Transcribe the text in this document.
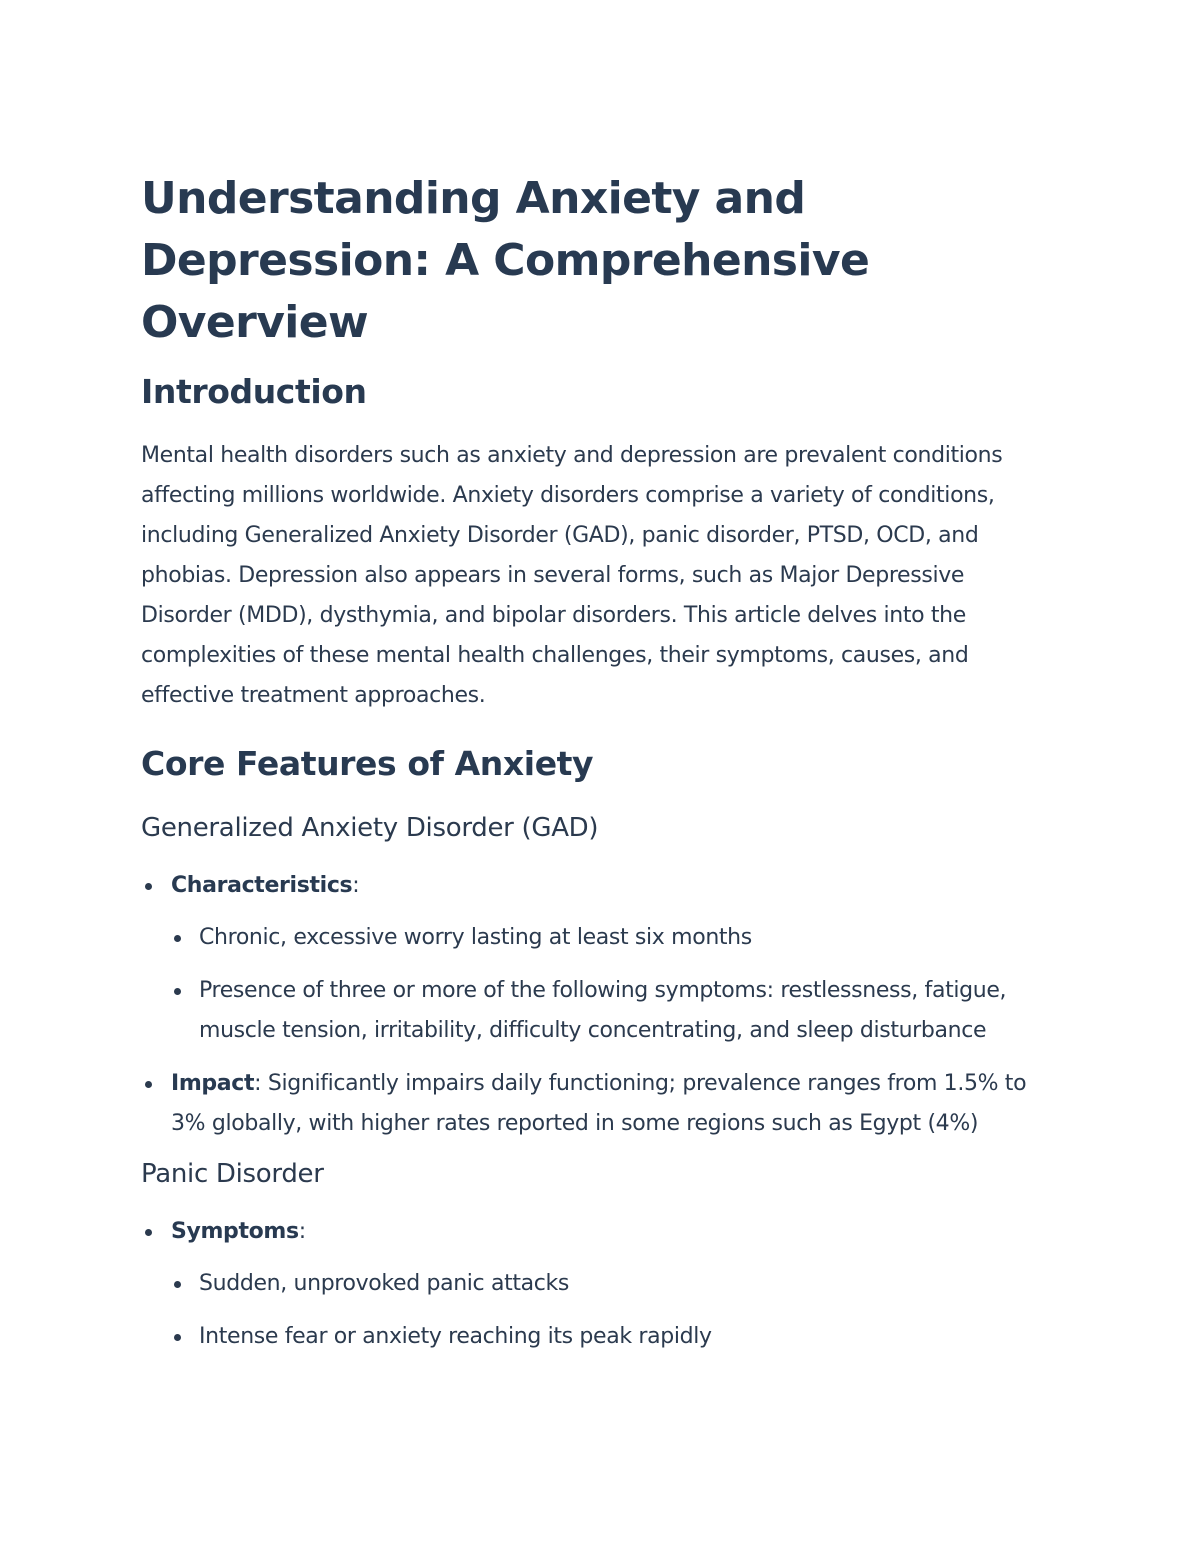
Understanding Anxiety and Depression: A Comprehensive Overview
Introduction

Mental health disorders such as anxiety and depression are prevalent conditions affecting millions worldwide. Anxiety disorders comprise a variety of conditions, including Generalized Anxiety Disorder (GAD), panic disorder, PTSD, OCD, and phobias. Depression also appears in several forms, such as Major Depressive Disorder (MDD), dysthymia, and bipolar disorders. This article delves into the complexities of these mental health challenges, their symptoms, causes, and effective treatment approaches.

Core Features of Anxiety
Generalized Anxiety Disorder (GAD)
Characteristics:
Chronic, excessive worry lasting at least six months
Presence of three or more of the following symptoms: restlessness, fatigue, muscle tension, irritability, difficulty concentrating, and sleep disturbance
Impact: Significantly impairs daily functioning; prevalence ranges from 1.5% to 3% globally, with higher rates reported in some regions such as Egypt (4%)
Panic Disorder
Symptoms:
Sudden, unprovoked panic attacks
Intense fear or anxiety reaching its peak rapidly
